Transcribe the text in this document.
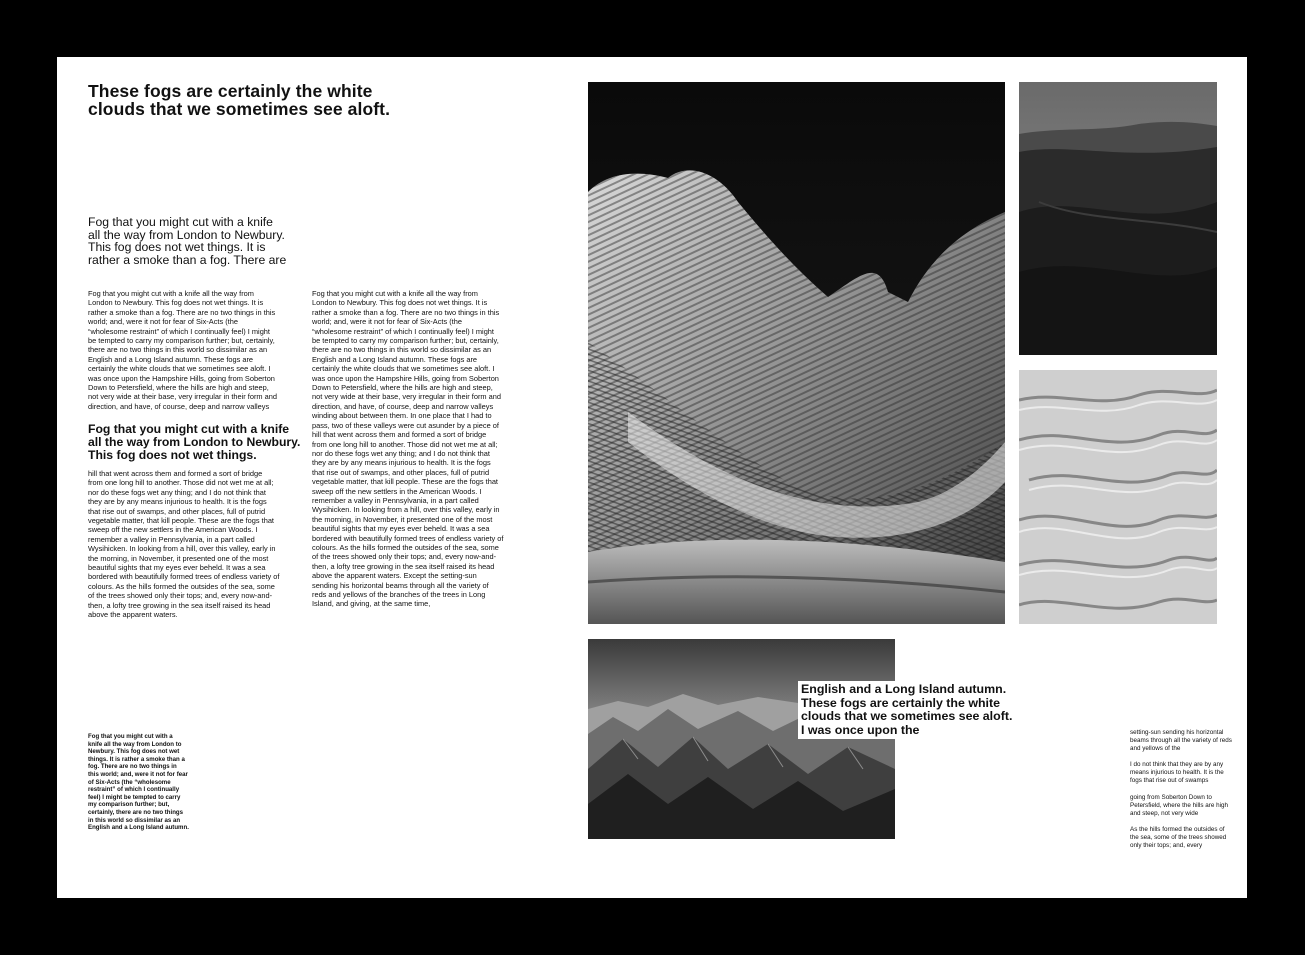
These fogs are certainly the white
clouds that we sometimes see aloft.
Fog that you might cut with a knife
all the way from London to Newbury.
This fog does not wet things. It is
rather a smoke than a fog. There are
Fog that you might cut with a knife all the way from
London to Newbury. This fog does not wet things. It is
rather a smoke than a fog. There are no two things in this
world; and, were it not for fear of Six-Acts (the
“wholesome restraint” of which I continually feel) I might
be tempted to carry my comparison further; but, certainly,
there are no two things in this world so dissimilar as an
English and a Long Island autumn. These fogs are
certainly the white clouds that we sometimes see aloft. I
was once upon the Hampshire Hills, going from Soberton
Down to Petersfield, where the hills are high and steep,
not very wide at their base, very irregular in their form and
direction, and have, of course, deep and narrow valleys
Fog that you might cut with a knife
all the way from London to Newbury.
This fog does not wet things.
hill that went across them and formed a sort of bridge
from one long hill to another. Those did not wet me at all;
nor do these fogs wet any thing; and I do not think that
they are by any means injurious to health. It is the fogs
that rise out of swamps, and other places, full of putrid
vegetable matter, that kill people. These are the fogs that
sweep off the new settlers in the American Woods. I
remember a valley in Pennsylvania, in a part called
Wysihicken. In looking from a hill, over this valley, early in
the morning, in November, it presented one of the most
beautiful sights that my eyes ever beheld. It was a sea
bordered with beautifully formed trees of endless variety of
colours. As the hills formed the outsides of the sea, some
of the trees showed only their tops; and, every now-and-
then, a lofty tree growing in the sea itself raised its head
above the apparent waters.
Fog that you might cut with a knife all the way from
London to Newbury. This fog does not wet things. It is
rather a smoke than a fog. There are no two things in this
world; and, were it not for fear of Six-Acts (the
“wholesome restraint” of which I continually feel) I might
be tempted to carry my comparison further; but, certainly,
there are no two things in this world so dissimilar as an
English and a Long Island autumn. These fogs are
certainly the white clouds that we sometimes see aloft. I
was once upon the Hampshire Hills, going from Soberton
Down to Petersfield, where the hills are high and steep,
not very wide at their base, very irregular in their form and
direction, and have, of course, deep and narrow valleys
winding about between them. In one place that I had to
pass, two of these valleys were cut asunder by a piece of
hill that went across them and formed a sort of bridge
from one long hill to another. Those did not wet me at all;
nor do these fogs wet any thing; and I do not think that
they are by any means injurious to health. It is the fogs
that rise out of swamps, and other places, full of putrid
vegetable matter, that kill people. These are the fogs that
sweep off the new settlers in the American Woods. I
remember a valley in Pennsylvania, in a part called
Wysihicken. In looking from a hill, over this valley, early in
the morning, in November, it presented one of the most
beautiful sights that my eyes ever beheld. It was a sea
bordered with beautifully formed trees of endless variety of
colours. As the hills formed the outsides of the sea, some
of the trees showed only their tops; and, every now-and-
then, a lofty tree growing in the sea itself raised its head
above the apparent waters. Except the setting-sun
sending his horizontal beams through all the variety of
reds and yellows of the branches of the trees in Long
Island, and giving, at the same time,
Fog that you might cut with a
knife all the way from London to
Newbury. This fog does not wet
things. It is rather a smoke than a
fog. There are no two things in
this world; and, were it not for fear
of Six-Acts (the “wholesome
restraint” of which I continually
feel) I might be tempted to carry
my comparison further; but,
certainly, there are no two things
in this world so dissimilar as an
English and a Long Island autumn.
English and a Long Island autumn.
These fogs are certainly the white
clouds that we sometimes see aloft.
I was once upon the	setting-sun sending his horizontal
beams through all the variety of reds
and yellows of the
I do not think that they are by any
means injurious to health. It is the
fogs that rise out of swamps
going from Soberton Down to
Petersfield, where the hills are high
and steep, not very wide
As the hills formed the outsides of
the sea, some of the trees showed
only their tops; and, every
